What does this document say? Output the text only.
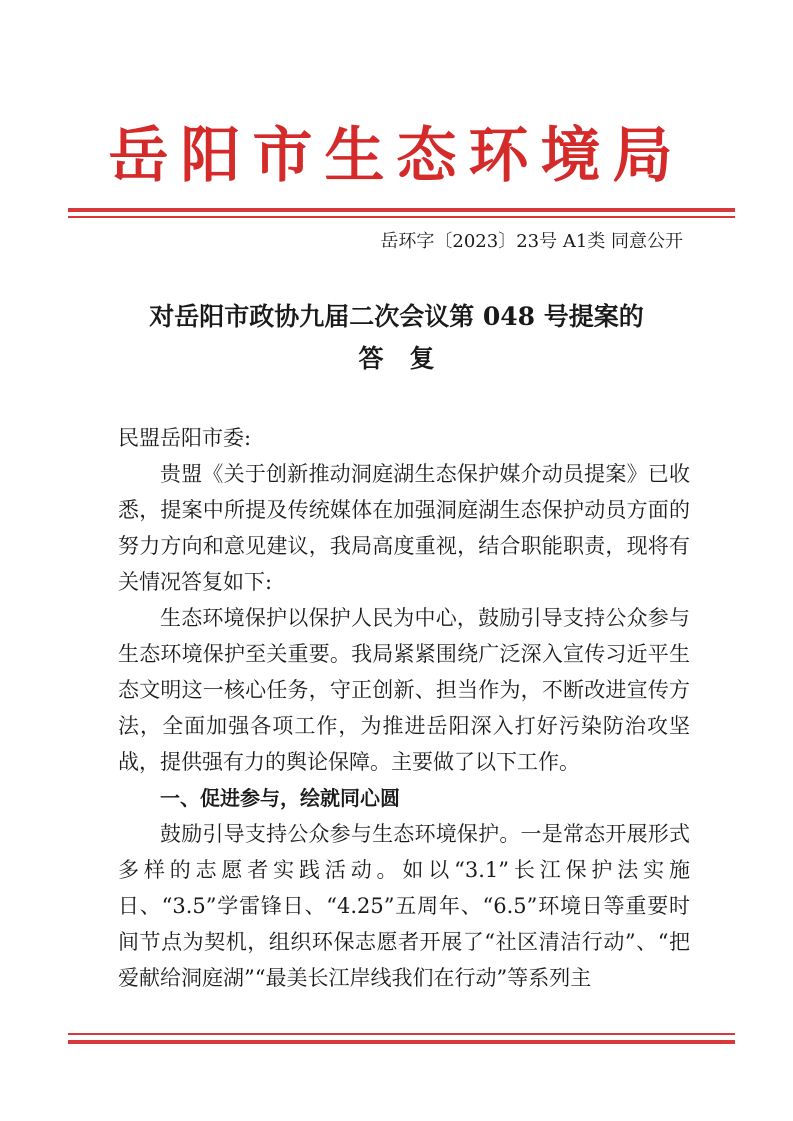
岳阳市生态环境局
岳环字〔2023〕23号 A1类 同意公开
对岳阳市政协九届二次会议第 048 号提案的
答复

民盟岳阳市委:

贵盟《关于创新推动洞庭湖生态保护媒介动员提案》已收悉，提案中所提及传统媒体在加强洞庭湖生态保护动员方面的努力方向和意见建议，我局高度重视，结合职能职责，现将有关情况答复如下:

生态环境保护以保护人民为中心，鼓励引导支持公众参与生态环境保护至关重要。我局紧紧围绕广泛深入宣传习近平生态文明这一核心任务，守正创新、担当作为，不断改进宣传方法，全面加强各项工作，为推进岳阳深入打好污染防治攻坚战，提供强有力的舆论保障。主要做了以下工作。

一、促进参与，绘就同心圆

鼓励引导支持公众参与生态环境保护。一是常态开展形式多样的志愿者实践活动。如以“3.1”长江保护法实施日、“3.5”学雷锋日、“4.25”五周年、“6.5”环境日等重要时间节点为契机，组织环保志愿者开展了“社区清洁行动”、“把爱献给洞庭湖”“最美长江岸线我们在行动”等系列主
